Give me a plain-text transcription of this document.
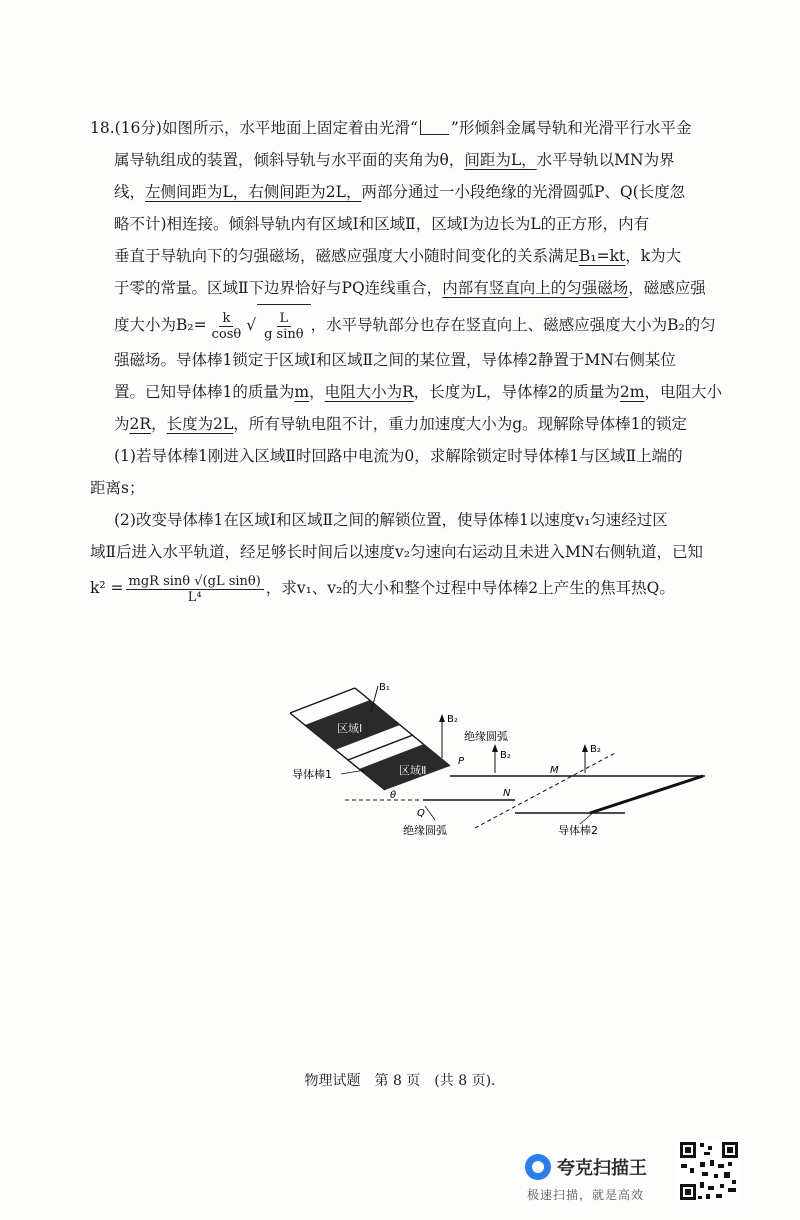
18.(16分)如图所示，水平地面上固定着由光滑“ ”形倾斜金属导轨和光滑平行水平金
属导轨组成的装置，倾斜导轨与水平面的夹角为θ，间距为L，水平导轨以MN为界
线，左侧间距为L，右侧间距为2L，两部分通过一小段绝缘的光滑圆弧P、Q(长度忽
略不计)相连接。倾斜导轨内有区域Ⅰ和区域Ⅱ，区域Ⅰ为边长为L的正方形，内有
垂直于导轨向下的匀强磁场，磁感应强度大小随时间变化的关系满足B₁=kt，k为大
于零的常量。区域Ⅱ下边界恰好与PQ连线重合，内部有竖直向上的匀强磁场，磁感应强
度大小为$B_2= \frac{k}{\cos\theta}$ √ $\frac{L}{\text{g sinθ}}$ ，水平导轨部分也存在竖直向上、磁感应强度大小为B₂的匀
强磁场。导体棒1锁定于区域Ⅰ和区域Ⅱ之间的某位置，导体棒2静置于MN右侧某位
置。已知导体棒1的质量为m，电阻大小为R，长度为L，导体棒2的质量为2m，电阻大小
为2R，长度为2L，所有导轨电阻不计，重力加速度大小为g。现解除导体棒1的锁定
(1)若导体棒1刚进入区域Ⅱ时回路中电流为0，求解除锁定时导体棒1与区域Ⅱ上端的
距离s；
(2)改变导体棒1在区域Ⅰ和区域Ⅱ之间的解锁位置，使导体棒1以速度v₁匀速经过区
域Ⅱ后进入水平轨道，经足够长时间后以速度v₂匀速向右运动且未进入MN右侧轨道，已知
$k^2 = \frac{\text{mgR sinθ √(gL sinθ)}}{\text{L⁴}}$ ，求v₁、v₂的大小和整个过程中导体棒2上产生的焦耳热Q。
区域Ⅰ
区域Ⅱ
B₁
B₂
B₂
B₂
绝缘圆弧
P
Q
M
N
θ
导体棒1
绝缘圆弧	导体棒2
物理试题　第 8 页　(共 8 页).
夸克扫描王
极速扫描，就是高效
